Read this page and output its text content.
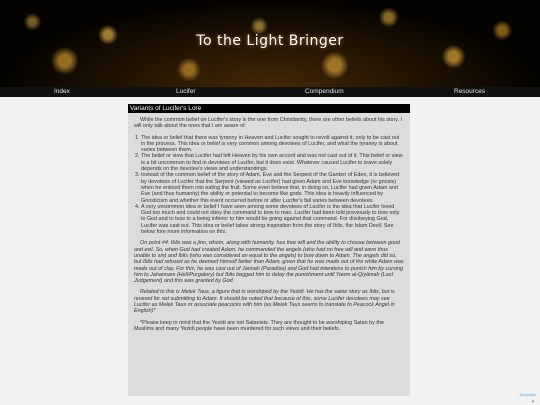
To the Light Bringer
Index	Lucifer	Compendium	Resources
Variants of Lucifer's Lore

While the common belief on Lucifer's story is the one from Christianity, there are other beliefs about his story. I will only talk about the ones that I am aware of:

1. The idea or belief that there was tyranny in Heaven and Lucifer sought to revolt against it, only to be cast out in the process. This idea or belief is very common among devotees of Lucifer, and what the tyranny is about varies between them.
2. The belief or view that Lucifer had left Heaven by his own accord and was not cast out of it. This belief or view is a bit uncommon to find in devotees of Lucifer, but it does exist. Whatever caused Lucifer to leave solely depends on the devotee's views and understandings.
3. Instead of the common belief of the story of Adam, Eve and the Serpent of the Garden of Eden, it is believed by devotees of Lucifer that the Serpent (viewed as Lucifer) had given Adam and Eve knowledge (or gnosis) when he enticed them into eating the fruit. Some even believe that, in doing so, Lucifer had given Adam and Eve (and thus humanity) the ability or potential to become like gods. This idea is heavily influenced by Gnosticism and whether this event occurred before or after Lucifer's fall varies between devotees.
4. A very uncommon idea or belief I have seen among some devotees of Lucifer is the idea that Lucifer loved God too much and could not obey the command to bow to man. Lucifer had been told previously to bow only to God and to bow to a being inferior to him would be going against that command. For disobeying God, Lucifer was cast out. This idea or belief takes strong inspiration from the story of Iblis, the Islam Devil. See below fore more information on this.

On point #4: Iblis was a jinn, whom, along with humanity, has free will and the ability to choose between good and evil. So, when God had created Adam, he commanded the angels (who had no free will and were thus unable to sin) and Iblis (who was considered an equal to the angels) to bow down to Adam. The angels did so, but Iblis had refused as he deemed himself better than Adam, given that he was made out of fire while Adam was made out of clay. For this, he was cast out of Jannah (Paradise) and God had intentions to punish him by cursing him to Jahannam (Hell/Purgatory) but Iblis begged him to delay the punishment until Yawm al-Qiyāmah (Last Judgement) and this was granted by God.

Related to this is Melek Taus, a figure that is worshiped by the Yezidi. He has the same story as Iblis, but is revered for not submitting to Adam. It should be noted that because of this, some Lucifer devotees may see Lucifer as Melek Taus or associate peacocks with him (as Melek Taus seems to translate to Peacock Angel in English)*

*Please keep in mind that the Yezidi are not Satanists. They are thought to be worshiping Satan by the Muslims and many Yezidi people have been murdered for such views and their beliefs.

Neocities
▲
